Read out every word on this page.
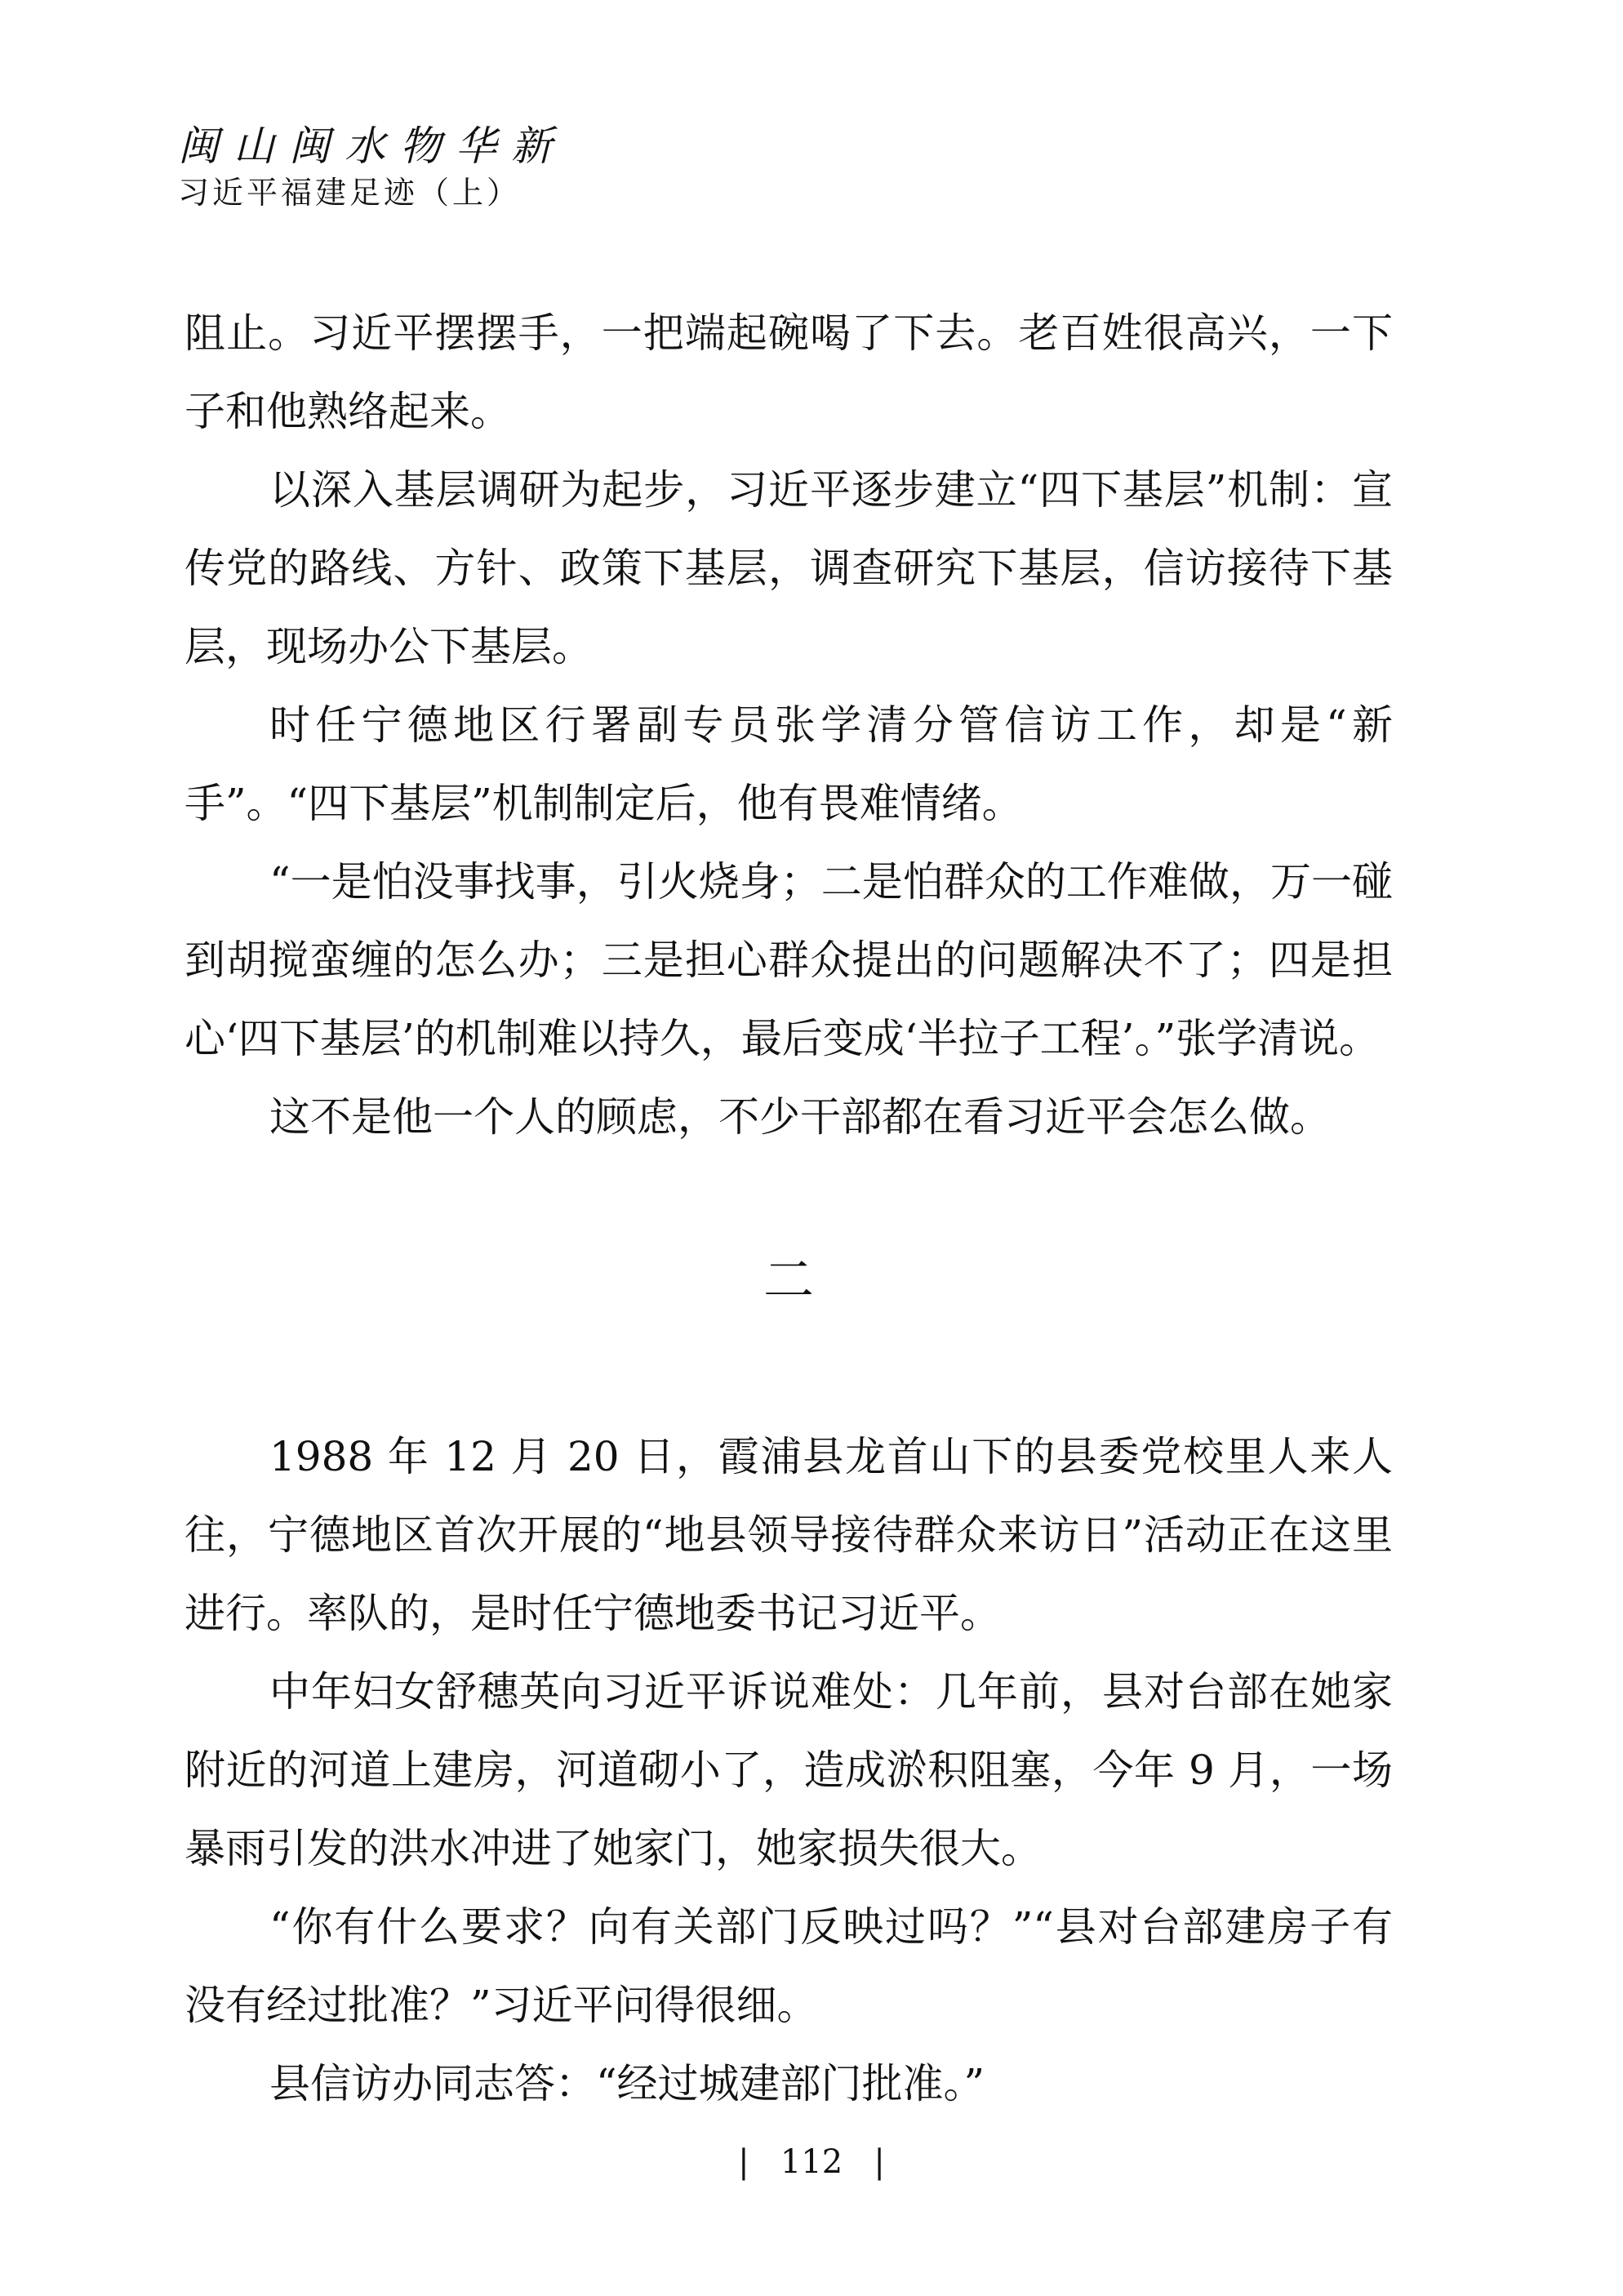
闽山闽水物华新
习近平福建足迹（上）

阻止。习近平摆摆手，一把端起碗喝了下去。老百姓很高兴，一下子和他熟络起来。

以深入基层调研为起步，习近平逐步建立“四下基层”机制：宣传党的路线、方针、政策下基层，调查研究下基层，信访接待下基层，现场办公下基层。

时任宁德地区行署副专员张学清分管信访工作，却是“新手”。“四下基层”机制制定后，他有畏难情绪。

“一是怕没事找事，引火烧身；二是怕群众的工作难做，万一碰到胡搅蛮缠的怎么办；三是担心群众提出的问题解决不了；四是担心‘四下基层’的机制难以持久，最后变成‘半拉子工程’。”张学清说。

这不是他一个人的顾虑，不少干部都在看习近平会怎么做。

二

1988 年 12 月 20 日，霞浦县龙首山下的县委党校里人来人往，宁德地区首次开展的“地县领导接待群众来访日”活动正在这里进行。率队的，是时任宁德地委书记习近平。

中年妇女舒穗英向习近平诉说难处：几年前，县对台部在她家附近的河道上建房，河道砌小了，造成淤积阻塞，今年 9 月，一场暴雨引发的洪水冲进了她家门，她家损失很大。

“你有什么要求？向有关部门反映过吗？”“县对台部建房子有没有经过批准？”习近平问得很细。

县信访办同志答：“经过城建部门批准。”

| 112 |
